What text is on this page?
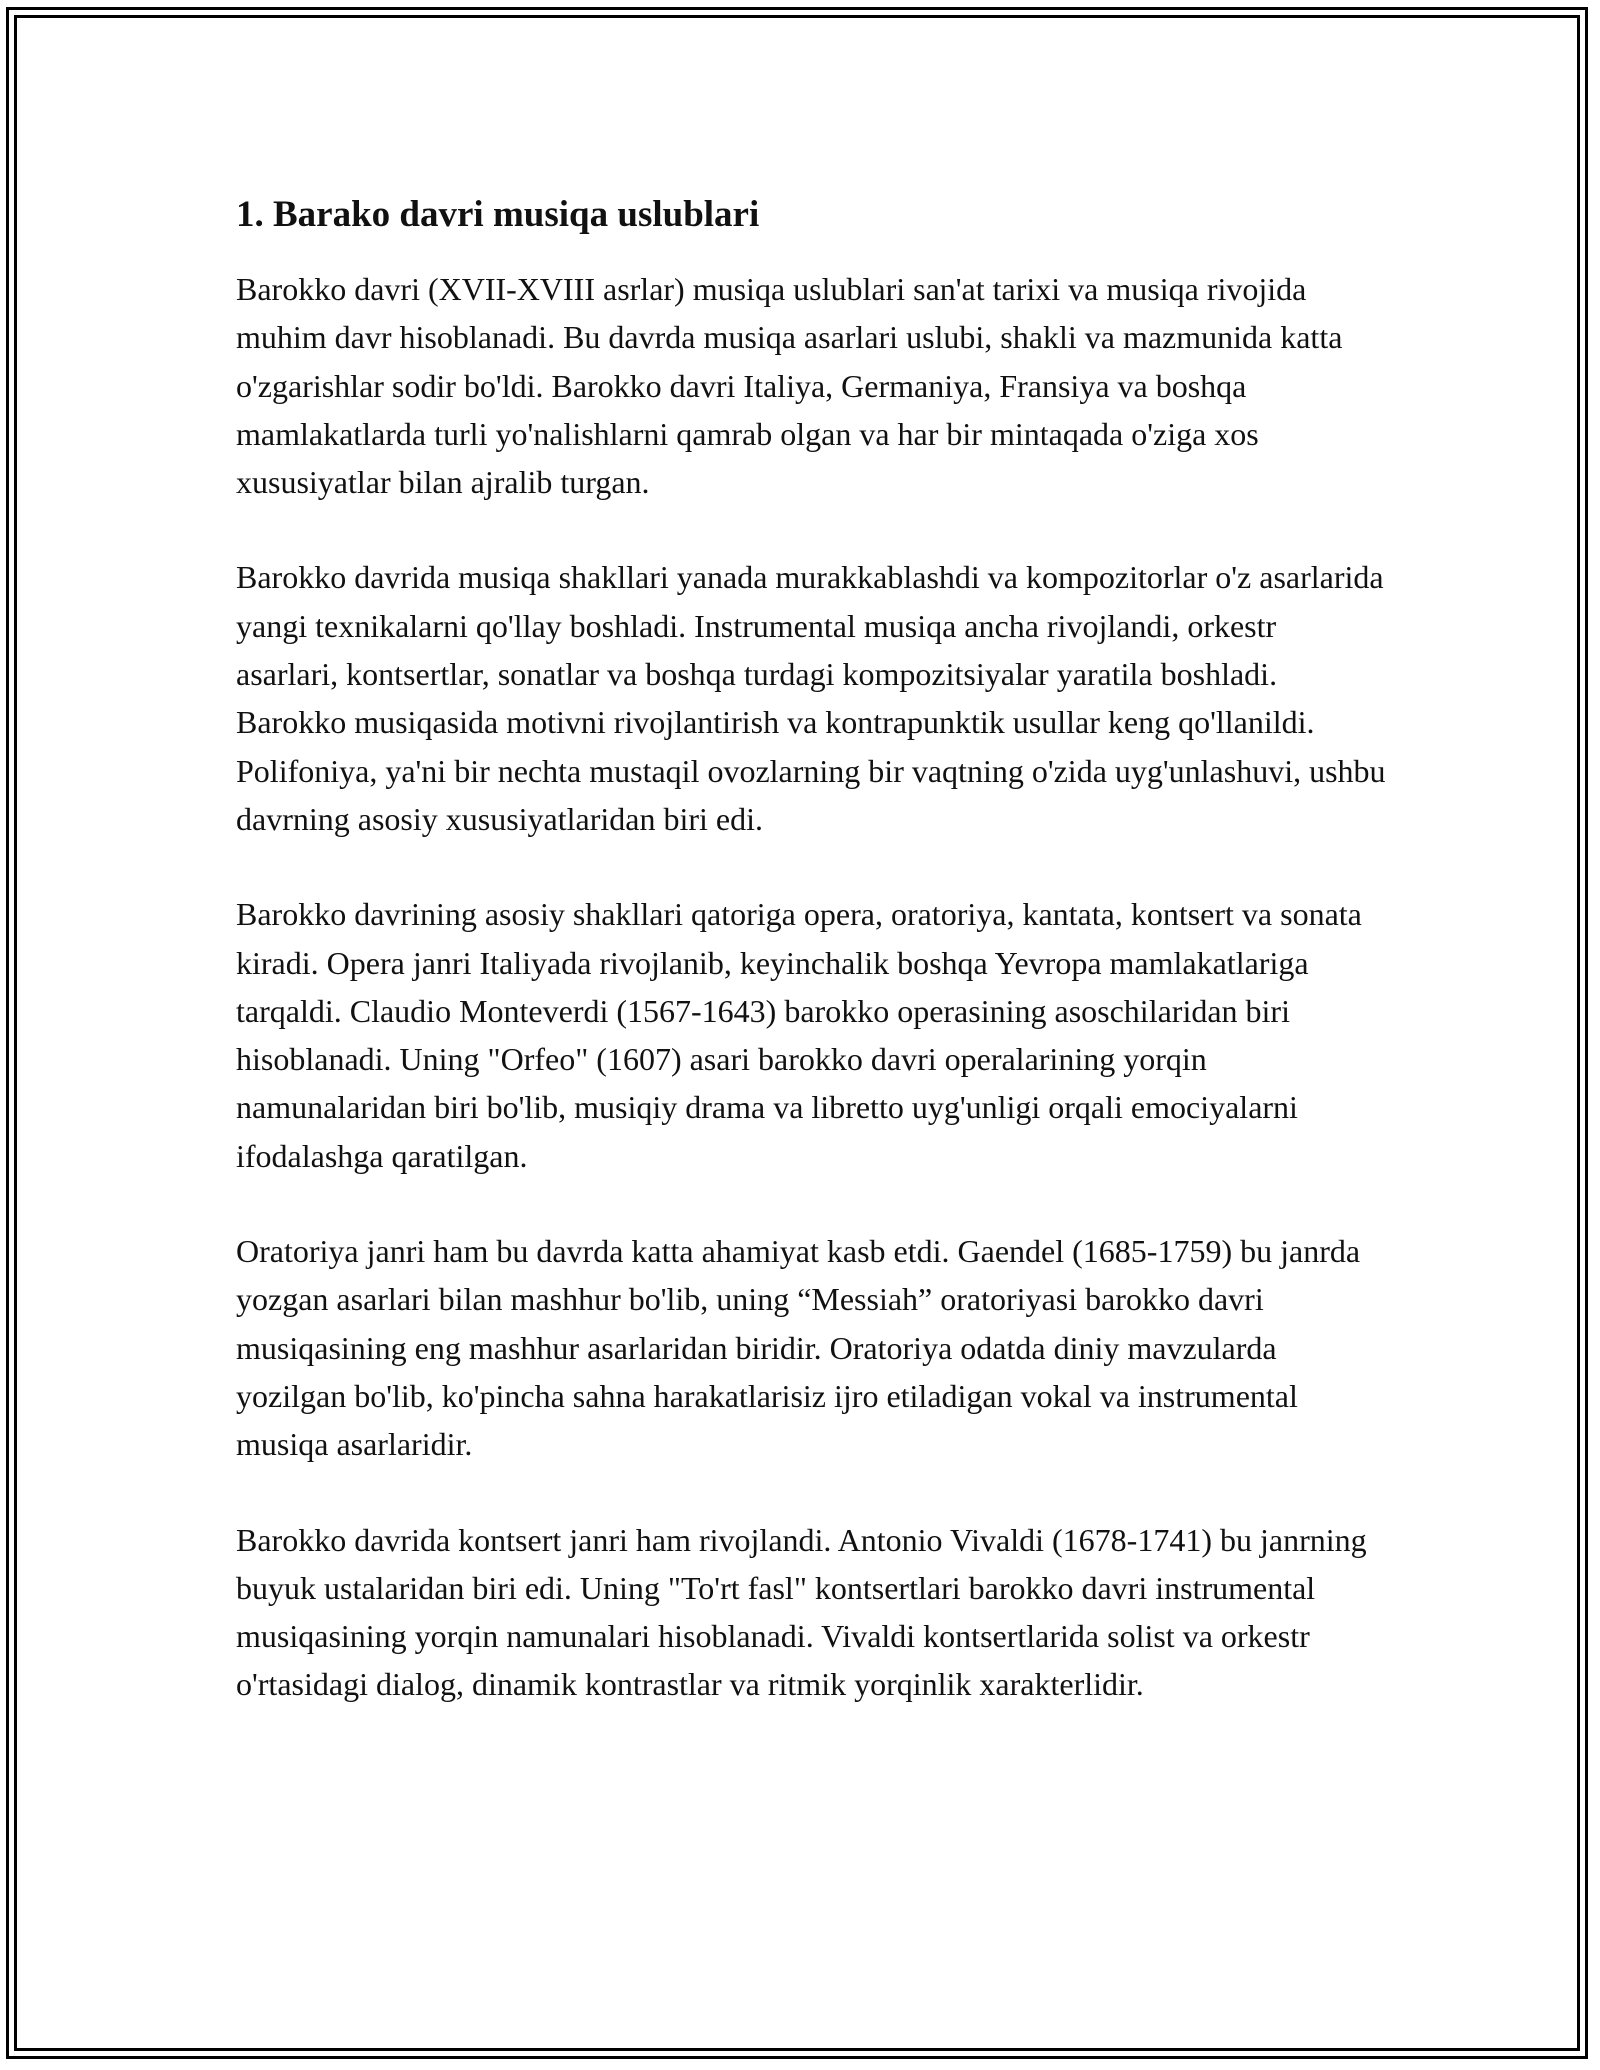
1. Barako davri musiqa uslublari

Barokko davri (XVII-XVIII asrlar) musiqa uslublari san'at tarixi va musiqa rivojida muhim davr hisoblanadi. Bu davrda musiqa asarlari uslubi, shakli va mazmunida katta o'zgarishlar sodir bo'ldi. Barokko davri Italiya, Germaniya, Fransiya va boshqa mamlakatlarda turli yo'nalishlarni qamrab olgan va har bir mintaqada o'ziga xos xususiyatlar bilan ajralib turgan.

Barokko davrida musiqa shakllari yanada murakkablashdi va kompozitorlar o'z asarlarida yangi texnikalarni qo'llay boshladi. Instrumental musiqa ancha rivojlandi, orkestr asarlari, kontsertlar, sonatlar va boshqa turdagi kompozitsiyalar yaratila boshladi. Barokko musiqasida motivni rivojlantirish va kontrapunktik usullar keng qo'llanildi. Polifoniya, ya'ni bir nechta mustaqil ovozlarning bir vaqtning o'zida uyg'unlashuvi, ushbu davrning asosiy xususiyatlaridan biri edi.

Barokko davrining asosiy shakllari qatoriga opera, oratoriya, kantata, kontsert va sonata kiradi. Opera janri Italiyada rivojlanib, keyinchalik boshqa Yevropa mamlakatlariga tarqaldi. Claudio Monteverdi (1567-1643) barokko operasining asoschilaridan biri hisoblanadi. Uning "Orfeo" (1607) asari barokko davri operalarining yorqin namunalaridan biri bo'lib, musiqiy drama va libretto uyg'unligi orqali emociyalarni ifodalashga qaratilgan.

Oratoriya janri ham bu davrda katta ahamiyat kasb etdi. Gaendel (1685-1759) bu janrda yozgan asarlari bilan mashhur bo'lib, uning “Messiah” oratoriyasi barokko davri musiqasining eng mashhur asarlaridan biridir. Oratoriya odatda diniy mavzularda yozilgan bo'lib, ko'pincha sahna harakatlarisiz ijro etiladigan vokal va instrumental musiqa asarlaridir.

Barokko davrida kontsert janri ham rivojlandi. Antonio Vivaldi (1678-1741) bu janrning buyuk ustalaridan biri edi. Uning "To'rt fasl" kontsertlari barokko davri instrumental musiqasining yorqin namunalari hisoblanadi. Vivaldi kontsertlarida solist va orkestr o'rtasidagi dialog, dinamik kontrastlar va ritmik yorqinlik xarakterlidir.
